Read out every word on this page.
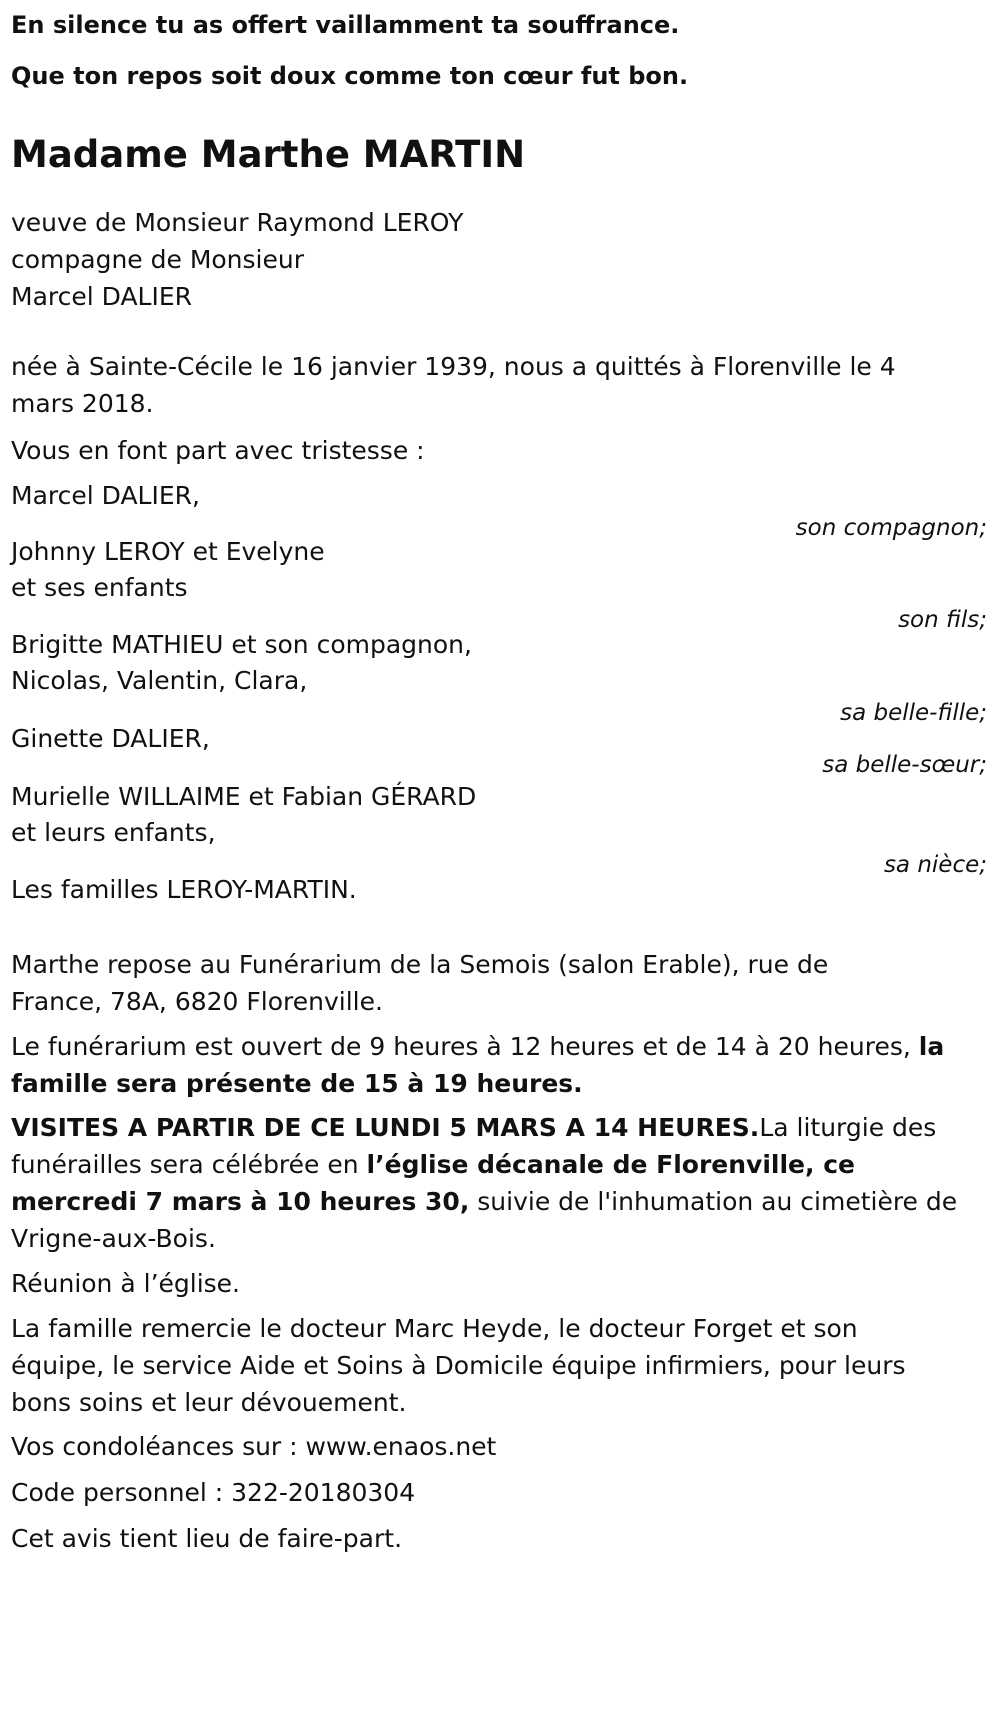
En silence tu as offert vaillamment ta souffrance.

Que ton repos soit doux comme ton cœur fut bon.

Madame Marthe MARTIN

veuve de Monsieur Raymond LEROY

compagne de Monsieur

Marcel DALIER

née à Sainte-Cécile le 16 janvier 1939, nous a quittés à Florenville le 4

mars 2018.

Vous en font part avec tristesse :

Marcel DALIER,

son compagnon;

Johnny LEROY et Evelyne

et ses enfants

son fils;

Brigitte MATHIEU et son compagnon,

Nicolas, Valentin, Clara,

sa belle-fille;

Ginette DALIER,

sa belle-sœur;

Murielle WILLAIME et Fabian GÉRARD

et leurs enfants,

sa nièce;

Les familles LEROY-MARTIN.

Marthe repose au Funérarium de la Semois (salon Erable), rue de

France, 78A, 6820 Florenville.

Le funérarium est ouvert de 9 heures à 12 heures et de 14 à 20 heures, la

famille sera présente de 15 à 19 heures.

VISITES A PARTIR DE CE LUNDI 5 MARS A 14 HEURES.La liturgie des

funérailles sera célébrée en l’église décanale de Florenville, ce

mercredi 7 mars à 10 heures 30, suivie de l'inhumation au cimetière de

Vrigne-aux-Bois.

Réunion à l’église.

La famille remercie le docteur Marc Heyde, le docteur Forget et son

équipe, le service Aide et Soins à Domicile équipe infirmiers, pour leurs

bons soins et leur dévouement.

Vos condoléances sur : www.enaos.net

Code personnel : 322-20180304

Cet avis tient lieu de faire-part.
